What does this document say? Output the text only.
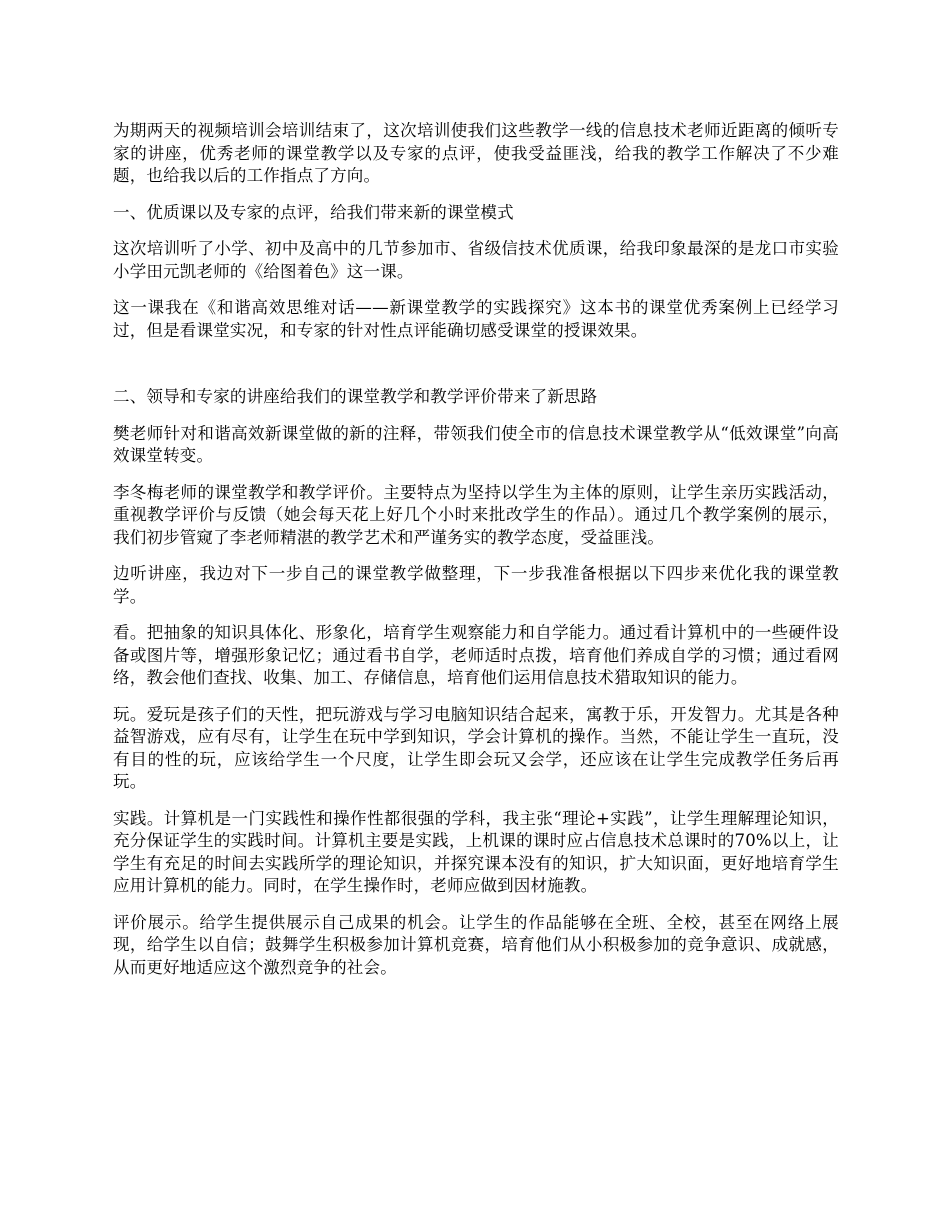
为期两天的视频培训会培训结束了，这次培训使我们这些教学一线的信息技术老师近距离的倾听专家的讲座，优秀老师的课堂教学以及专家的点评，使我受益匪浅，给我的教学工作解决了不少难题，也给我以后的工作指点了方向。

一、优质课以及专家的点评，给我们带来新的课堂模式

这次培训听了小学、初中及高中的几节参加市、省级信技术优质课，给我印象最深的是龙口市实验小学田元凯老师的《给图着色》这一课。

这一课我在《和谐高效思维对话——新课堂教学的实践探究》这本书的课堂优秀案例上已经学习过，但是看课堂实况，和专家的针对性点评能确切感受课堂的授课效果。

二、领导和专家的讲座给我们的课堂教学和教学评价带来了新思路

樊老师针对和谐高效新课堂做的新的注释，带领我们使全市的信息技术课堂教学从“低效课堂”向高效课堂转变。

李冬梅老师的课堂教学和教学评价。主要特点为坚持以学生为主体的原则，让学生亲历实践活动，重视教学评价与反馈（她会每天花上好几个小时来批改学生的作品）。通过几个教学案例的展示，我们初步管窥了李老师精湛的教学艺术和严谨务实的教学态度，受益匪浅。

边听讲座，我边对下一步自己的课堂教学做整理，下一步我准备根据以下四步来优化我的课堂教学。

看。把抽象的知识具体化、形象化，培育学生观察能力和自学能力。通过看计算机中的一些硬件设备或图片等，增强形象记忆；通过看书自学，老师适时点拨，培育他们养成自学的习惯；通过看网络，教会他们查找、收集、加工、存储信息，培育他们运用信息技术猎取知识的能力。

玩。爱玩是孩子们的天性，把玩游戏与学习电脑知识结合起来，寓教于乐，开发智力。尤其是各种益智游戏，应有尽有，让学生在玩中学到知识，学会计算机的操作。当然，不能让学生一直玩，没有目的性的玩，应该给学生一个尺度，让学生即会玩又会学，还应该在让学生完成教学任务后再玩。

实践。计算机是一门实践性和操作性都很强的学科，我主张“理论+实践”，让学生理解理论知识，充分保证学生的实践时间。计算机主要是实践，上机课的课时应占信息技术总课时的70%以上，让学生有充足的时间去实践所学的理论知识，并探究课本没有的知识，扩大知识面，更好地培育学生应用计算机的能力。同时，在学生操作时，老师应做到因材施教。

评价展示。给学生提供展示自己成果的机会。让学生的作品能够在全班、全校，甚至在网络上展现，给学生以自信；鼓舞学生积极参加计算机竞赛，培育他们从小积极参加的竞争意识、成就感，从而更好地适应这个激烈竞争的社会。
